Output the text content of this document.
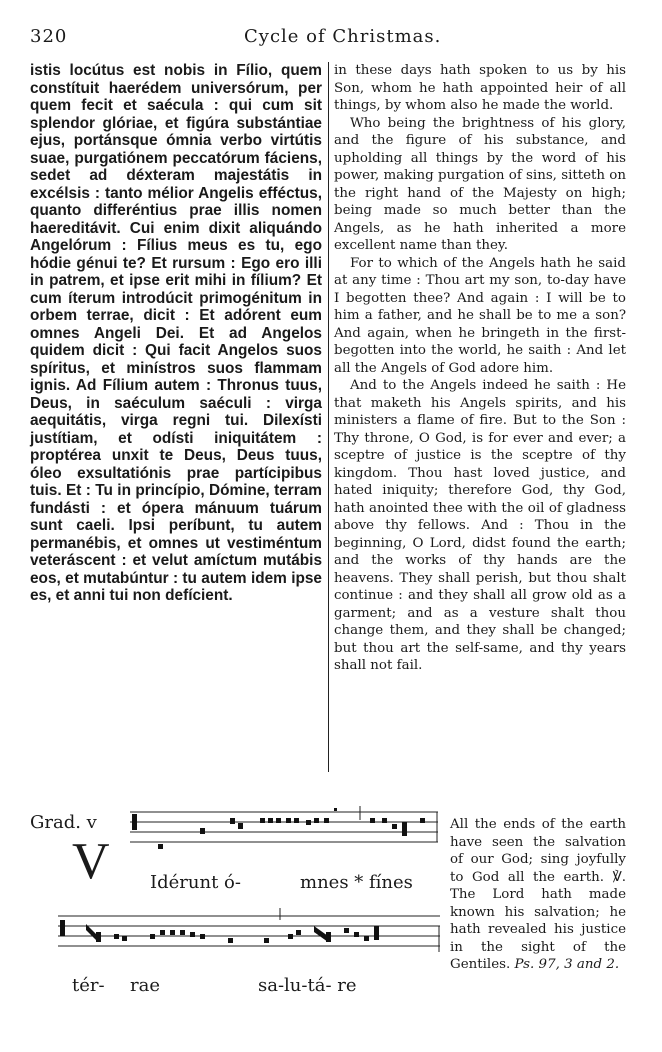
320	Cycle of Christmas.
istis locútus est nobis in Fílio, quem constítuit haerédem universórum, per quem fecit et saécula : qui cum sit splendor glóriae, et figúra substántiae ejus, portánsque ómnia verbo virtútis suae, purgatiónem peccatórum fáciens, sedet ad déxteram majestátis in excélsis : tanto mélior Angelis efféctus, quanto differéntius prae illis nomen haereditávit. Cui enim dixit aliquándo Angelórum : Fílius meus es tu, ego hódie génui te? Et rursum : Ego ero illi in patrem, et ipse erit mihi in fílium? Et cum íterum introdúcit primogénitum in orbem terrae, dicit : Et adórent eum omnes Angeli Dei. Et ad Angelos quidem dicit : Qui facit Angelos suos spíritus, et minístros suos flammam ignis. Ad Fílium autem : Thronus tuus, Deus, in saéculum saéculi : virga aequitátis, virga regni tui. Dilexísti justítiam, et odísti iniquitátem : proptérea unxit te Deus, Deus tuus, óleo exsultatiónis prae partícipibus tuis. Et : Tu in princípio, Dómine, terram fundásti : et ópera mánuum tuárum sunt caeli. Ipsi períbunt, tu autem permanébis, et omnes ut vestiméntum veteráscent : et velut amíctum mutábis eos, et mutabúntur : tu autem idem ipse es, et anni tui non defícient.

in these days hath spoken to us by his Son, whom he hath appointed heir of all things, by whom also he made the world.

Who being the brightness of his glory, and the figure of his substance, and upholding all things by the word of his power, making purgation of sins, sitteth on the right hand of the Majesty on high; being made so much better than the Angels, as he hath inherited a more excellent name than they.

For to which of the Angels hath he said at any time : Thou art my son, to-day have I begotten thee? And again : I will be to him a father, and he shall be to me a son? And again, when he bringeth in the first-begotten into the world, he saith : And let all the Angels of God adore him.

And to the Angels indeed he saith : He that maketh his Angels spirits, and his ministers a flame of fire. But to the Son : Thy throne, O God, is for ever and ever; a sceptre of justice is the sceptre of thy kingdom. Thou hast loved justice, and hated iniquity; therefore God, thy God, hath anointed thee with the oil of gladness above thy fellows. And : Thou in the beginning, O Lord, didst found the earth; and the works of thy hands are the heavens. They shall perish, but thou shalt continue : and they shall all grow old as a garment; and as a vesture shalt thou change them, and they shall be changed; but thou art the self-same, and thy years shall not fail.

Grad. v
V Idérunt ó-	mnes * fínes
tér- rae	sa-lu-tá- re
All the ends of the earth have seen the salvation of our God; sing joyfully to God all the earth. ℣. The Lord hath made known his salvation; he hath revealed his justice in the sight of the Gentiles. Ps. 97, 3 and 2.
